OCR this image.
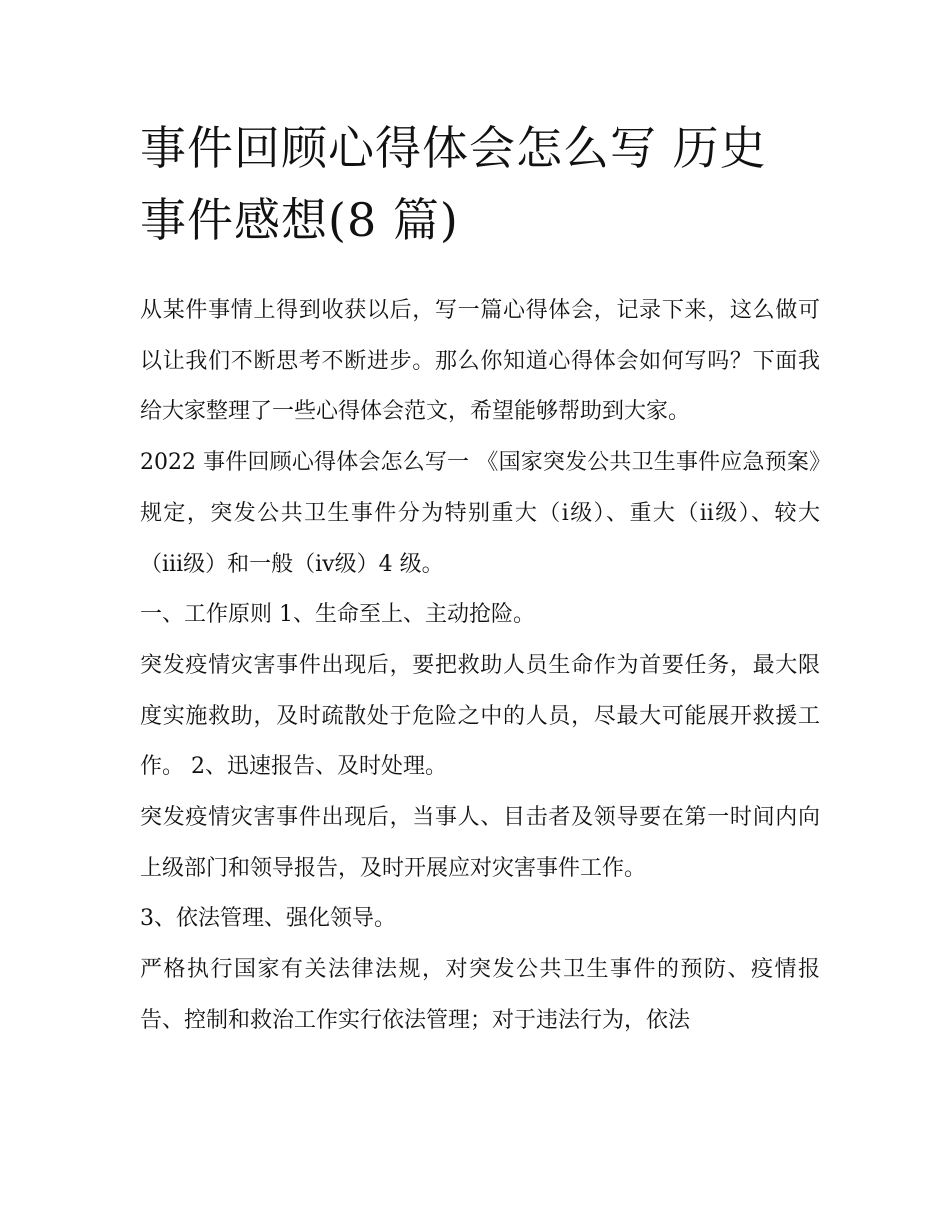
事件回顾心得体会怎么写 历史
事件感想(8 篇)

从某件事情上得到收获以后，写一篇心得体会，记录下来，这么做可以让我们不断思考不断进步。那么你知道心得体会如何写吗？下面我给大家整理了一些心得体会范文，希望能够帮助到大家。

2022 事件回顾心得体会怎么写一 《国家突发公共卫生事件应急预案》规定，突发公共卫生事件分为特别重大（ⅰ级）、重大（ⅱ级）、较大（ⅲ级）和一般（ⅳ级）4 级。

一、工作原则 1、生命至上、主动抢险。

突发疫情灾害事件出现后，要把救助人员生命作为首要任务，最大限度实施救助，及时疏散处于危险之中的人员，尽最大可能展开救援工作。 2、迅速报告、及时处理。

突发疫情灾害事件出现后，当事人、目击者及领导要在第一时间内向上级部门和领导报告，及时开展应对灾害事件工作。

3、依法管理、强化领导。

严格执行国家有关法律法规，对突发公共卫生事件的预防、疫情报告、控制和救治工作实行依法管理；对于违法行为，依法
